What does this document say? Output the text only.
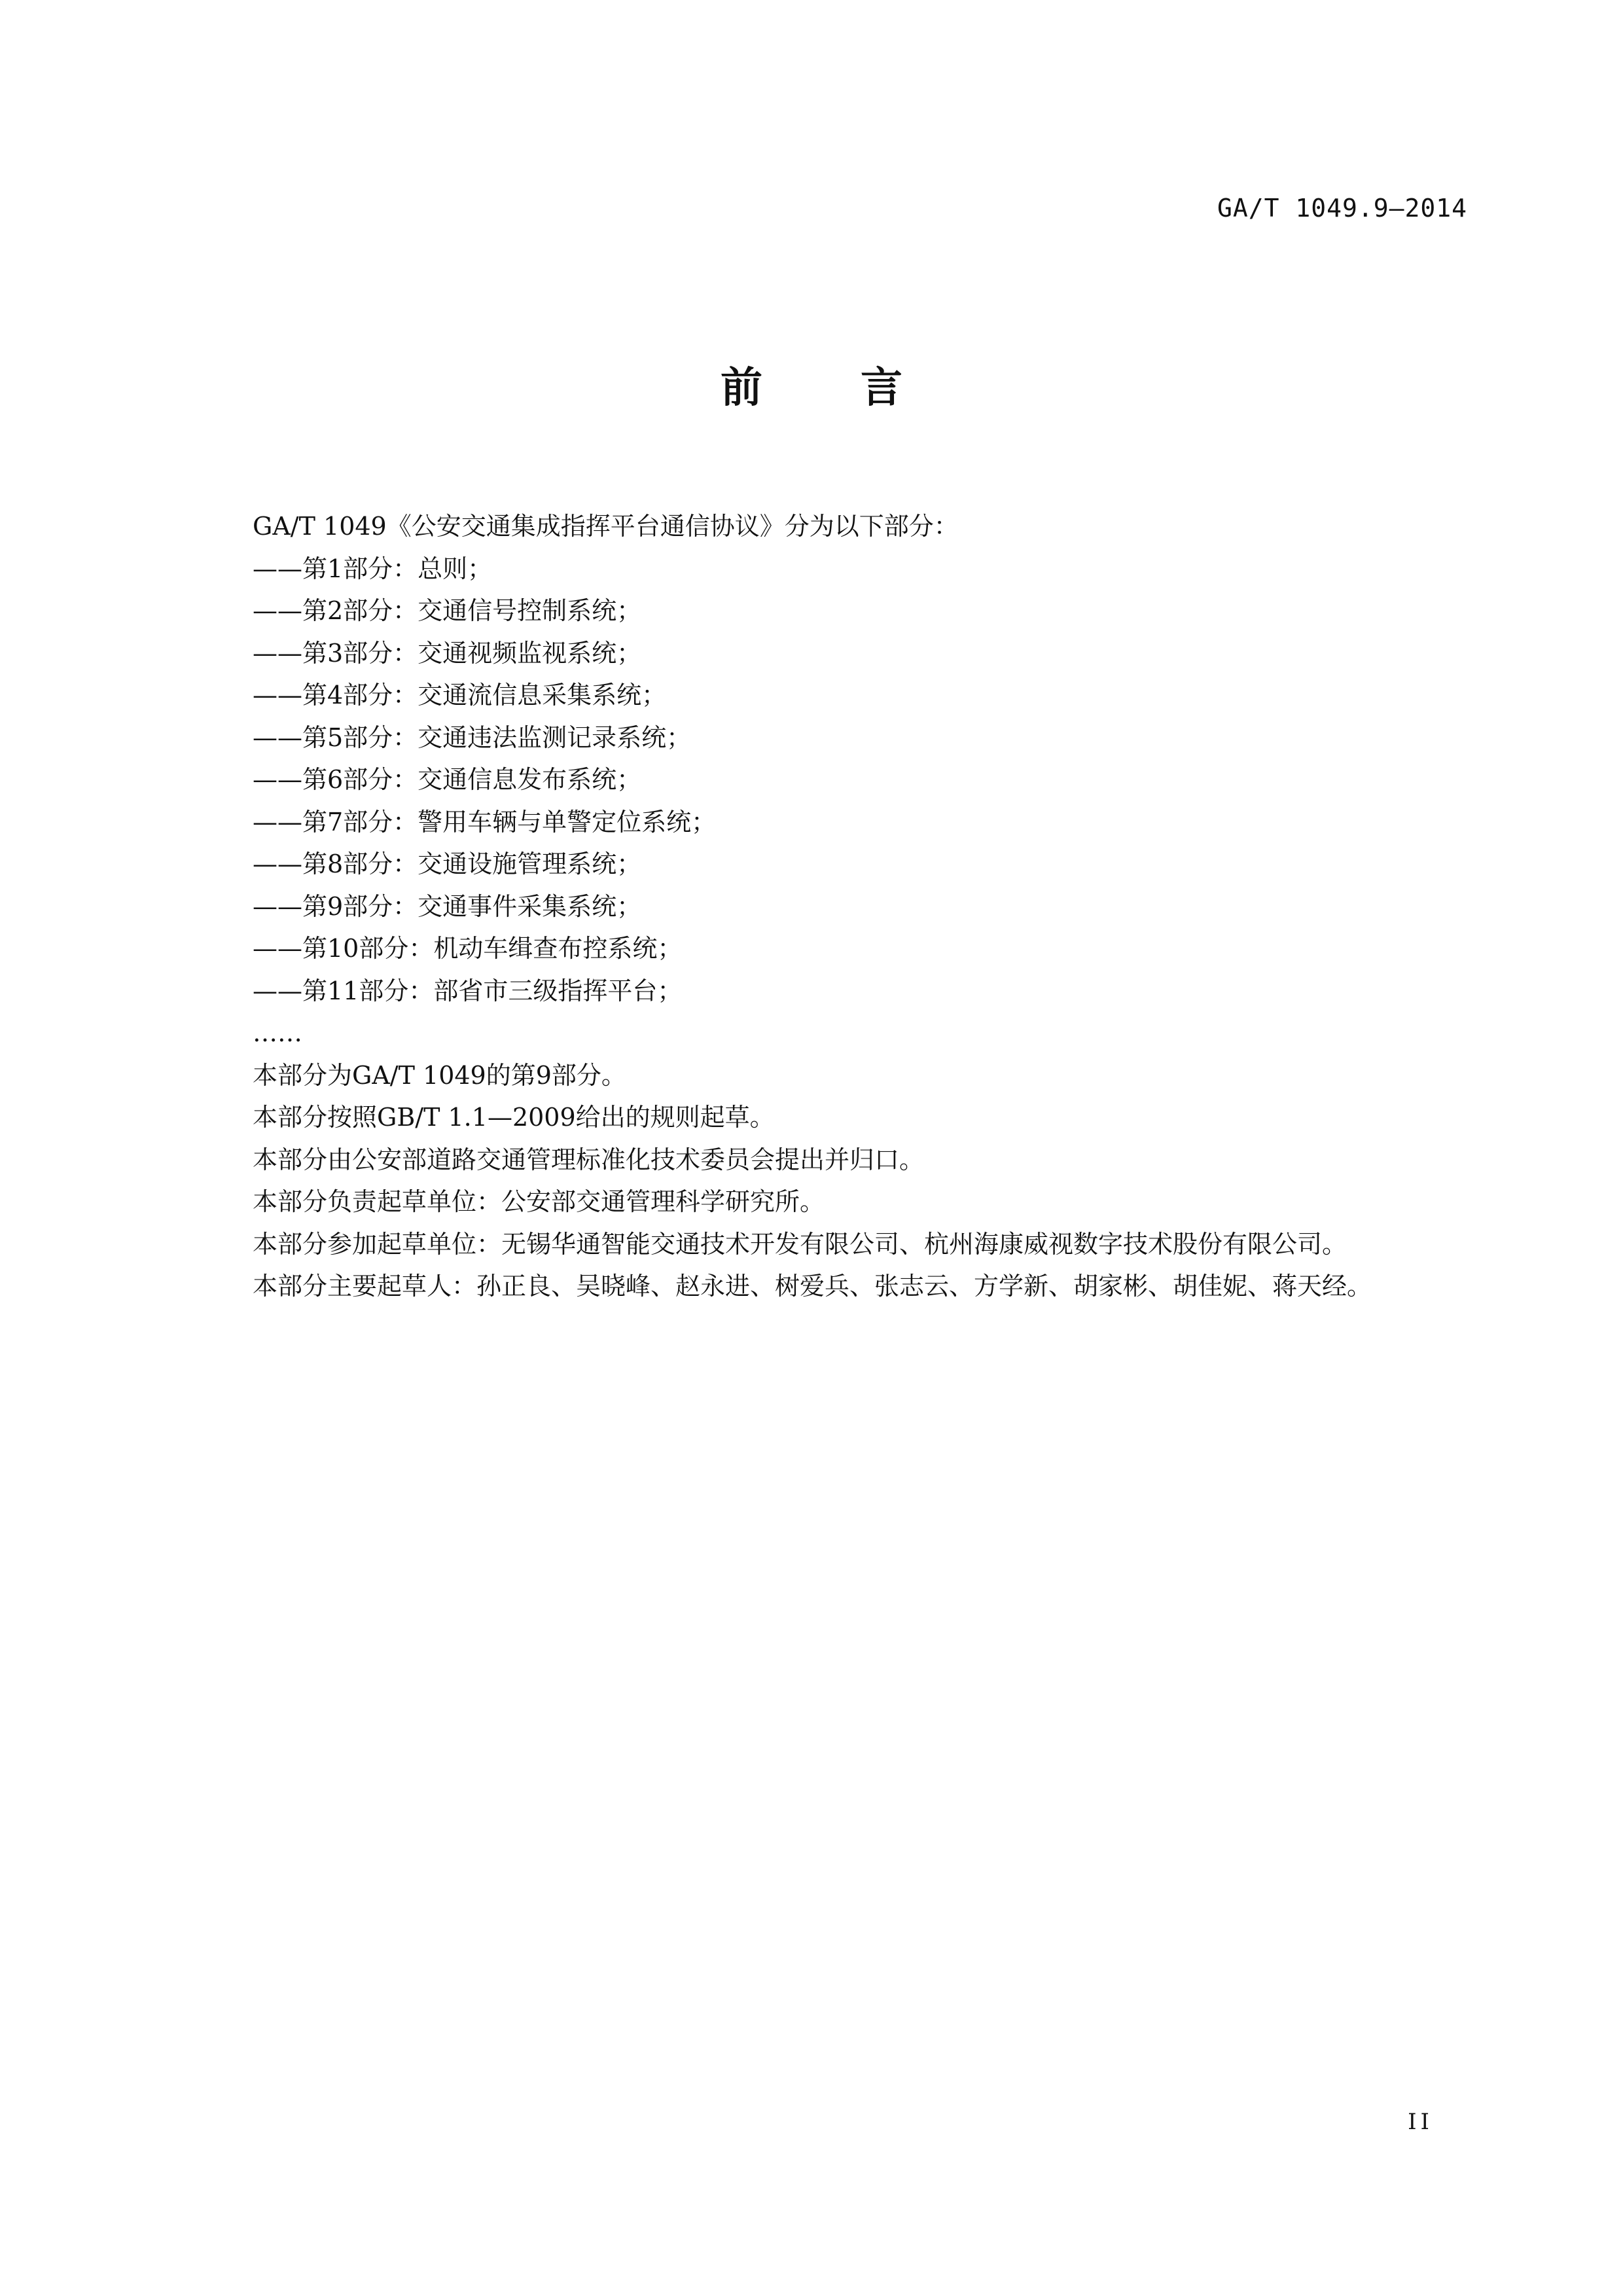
GA/T 1049.9—2014
前 言
GA/T 1049《公安交通集成指挥平台通信协议》分为以下部分：
——第1部分：总则；
——第2部分：交通信号控制系统；
——第3部分：交通视频监视系统；
——第4部分：交通流信息采集系统；
——第5部分：交通违法监测记录系统；
——第6部分：交通信息发布系统；
——第7部分：警用车辆与单警定位系统；
——第8部分：交通设施管理系统；
——第9部分：交通事件采集系统；
——第10部分：机动车缉查布控系统；
——第11部分：部省市三级指挥平台；
……
本部分为GA/T 1049的第9部分。
本部分按照GB/T 1.1—2009给出的规则起草。
本部分由公安部道路交通管理标准化技术委员会提出并归口。
本部分负责起草单位：公安部交通管理科学研究所。
本部分参加起草单位：无锡华通智能交通技术开发有限公司、杭州海康威视数字技术股份有限公司。
本部分主要起草人：孙正良、吴晓峰、赵永进、树爱兵、张志云、方学新、胡家彬、胡佳妮、蒋天经。
II
